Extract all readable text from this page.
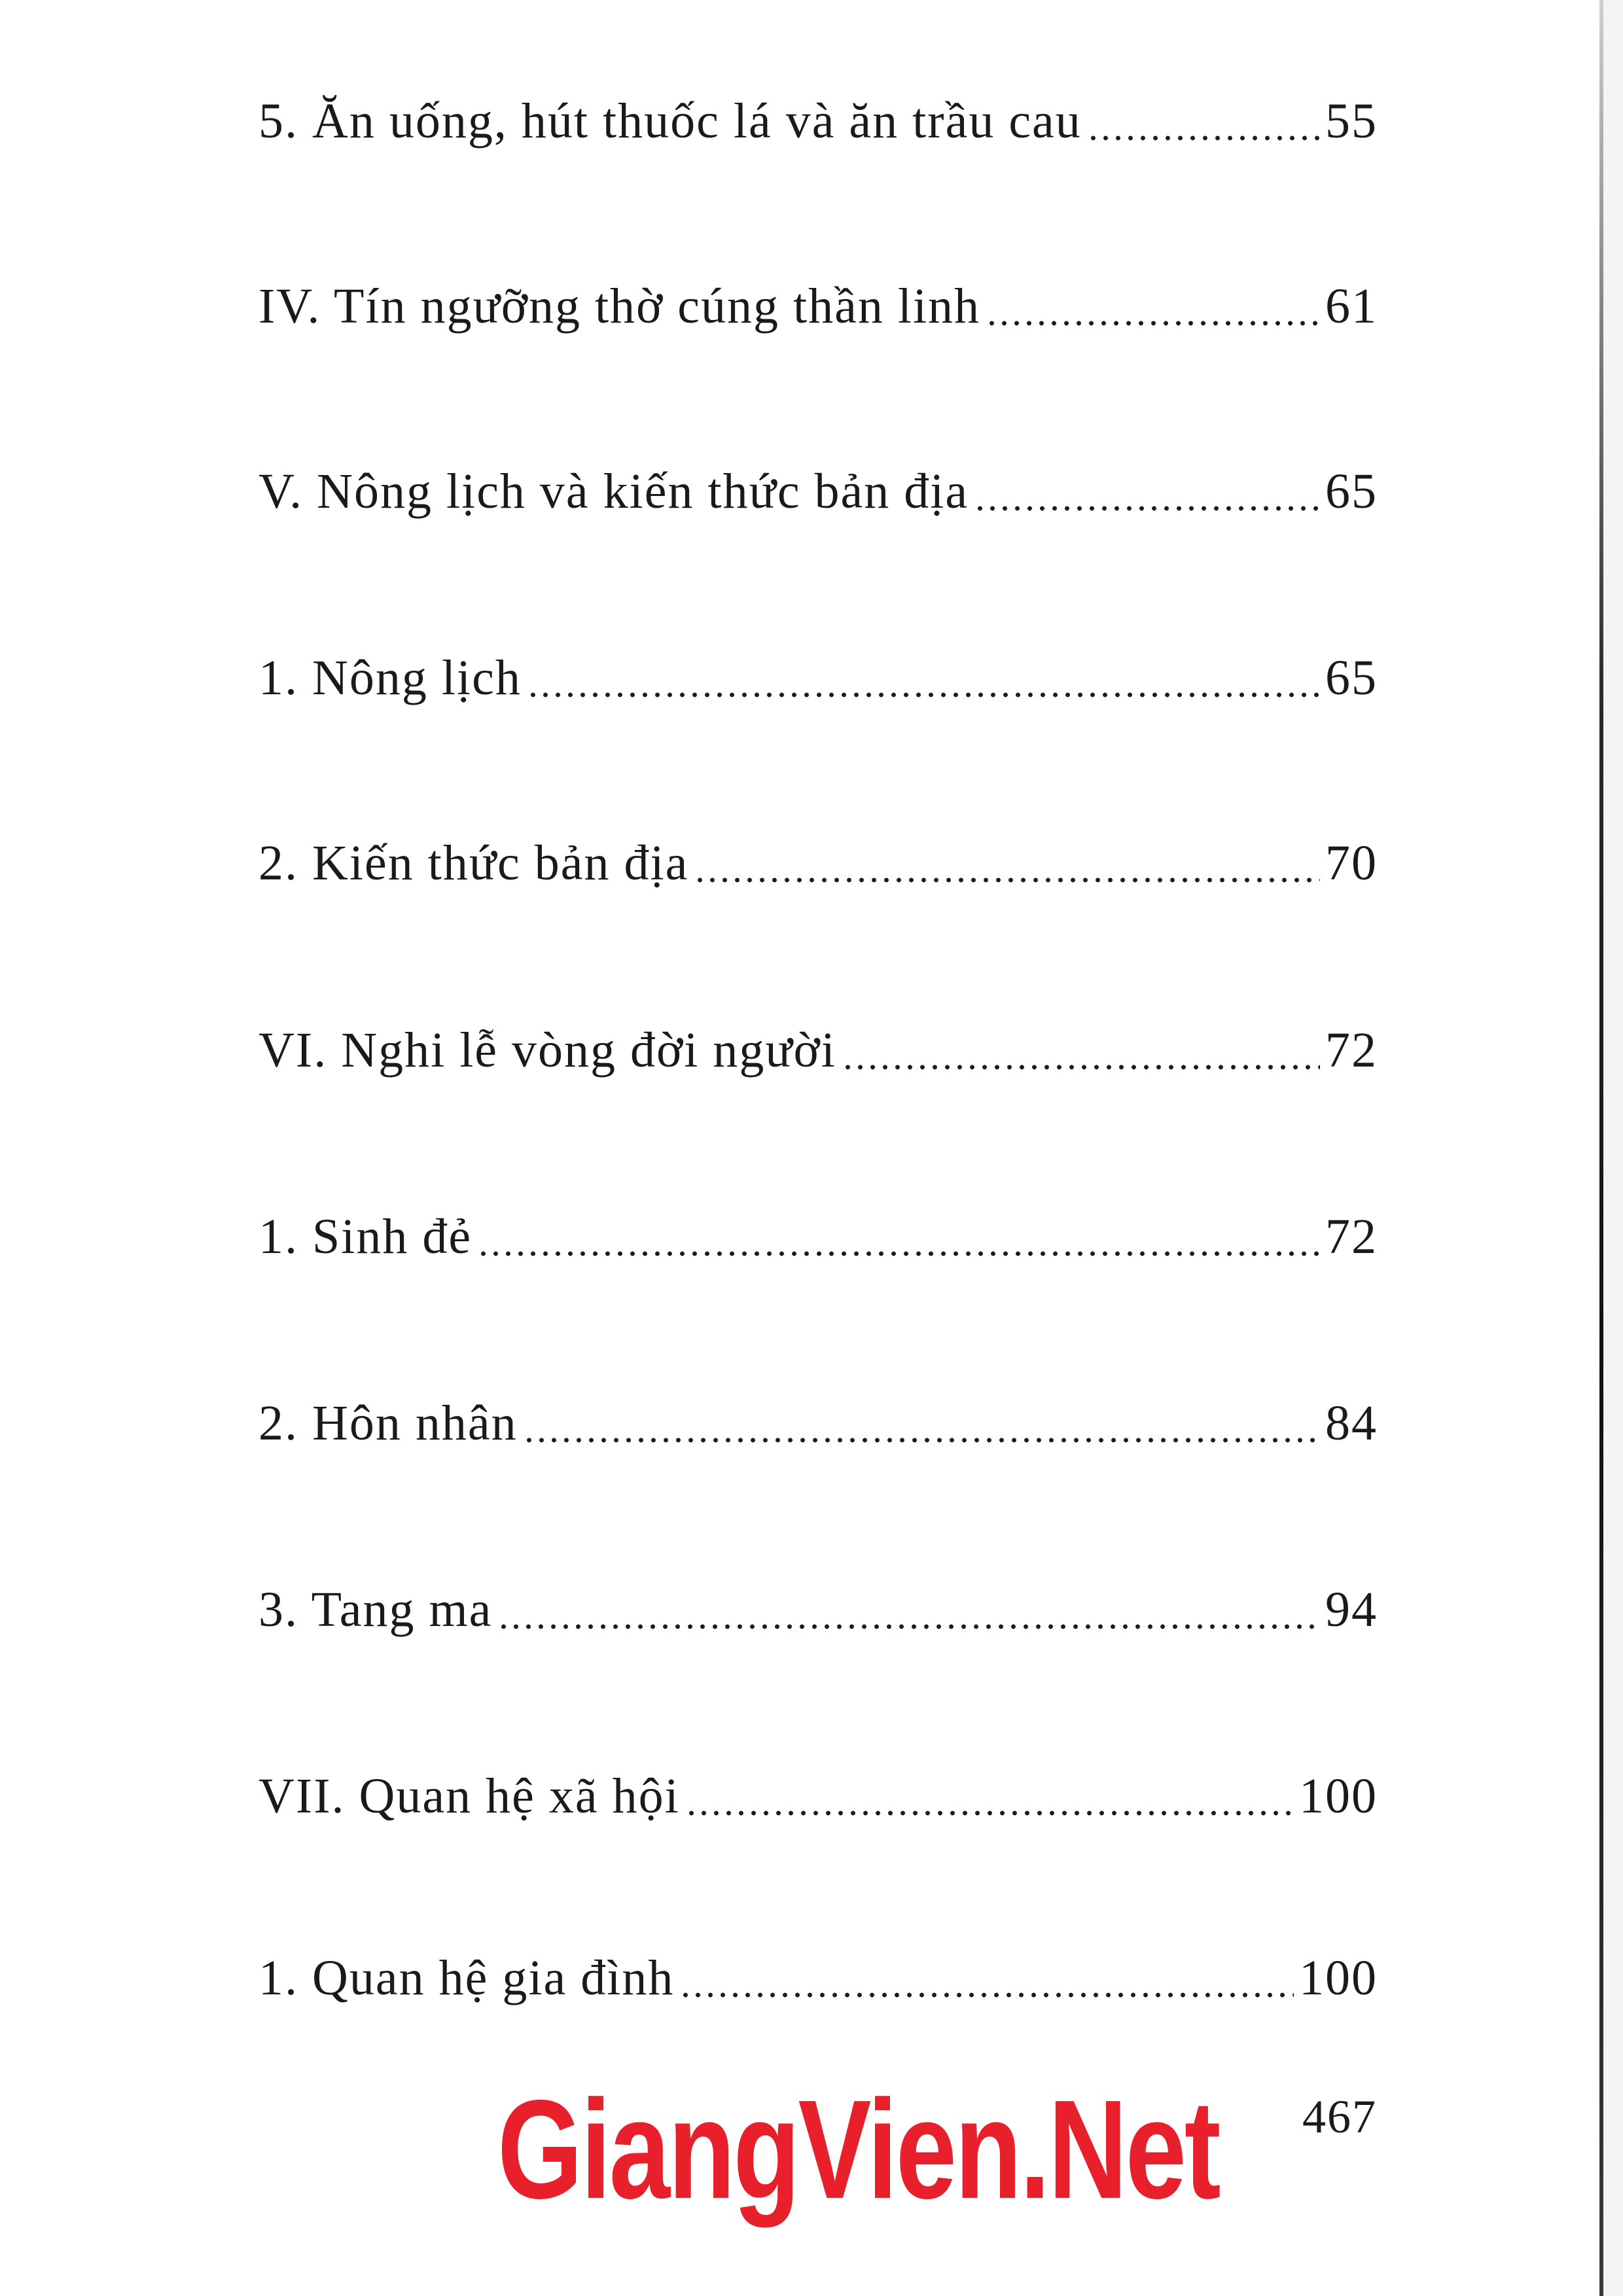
5. Ăn uống, hút thuốc lá và ăn trầu cau	55
IV. Tín ngưỡng thờ cúng thần linh	61
V. Nông lịch và kiến thức bản địa	65
1. Nông lịch	65
2. Kiến thức bản địa	70
VI. Nghi lễ vòng đời người	72
1. Sinh đẻ	72
2. Hôn nhân	84
3. Tang ma	94
VII. Quan hệ xã hội	100
1. Quan hệ gia đình	100
GiangVien.Net 467
